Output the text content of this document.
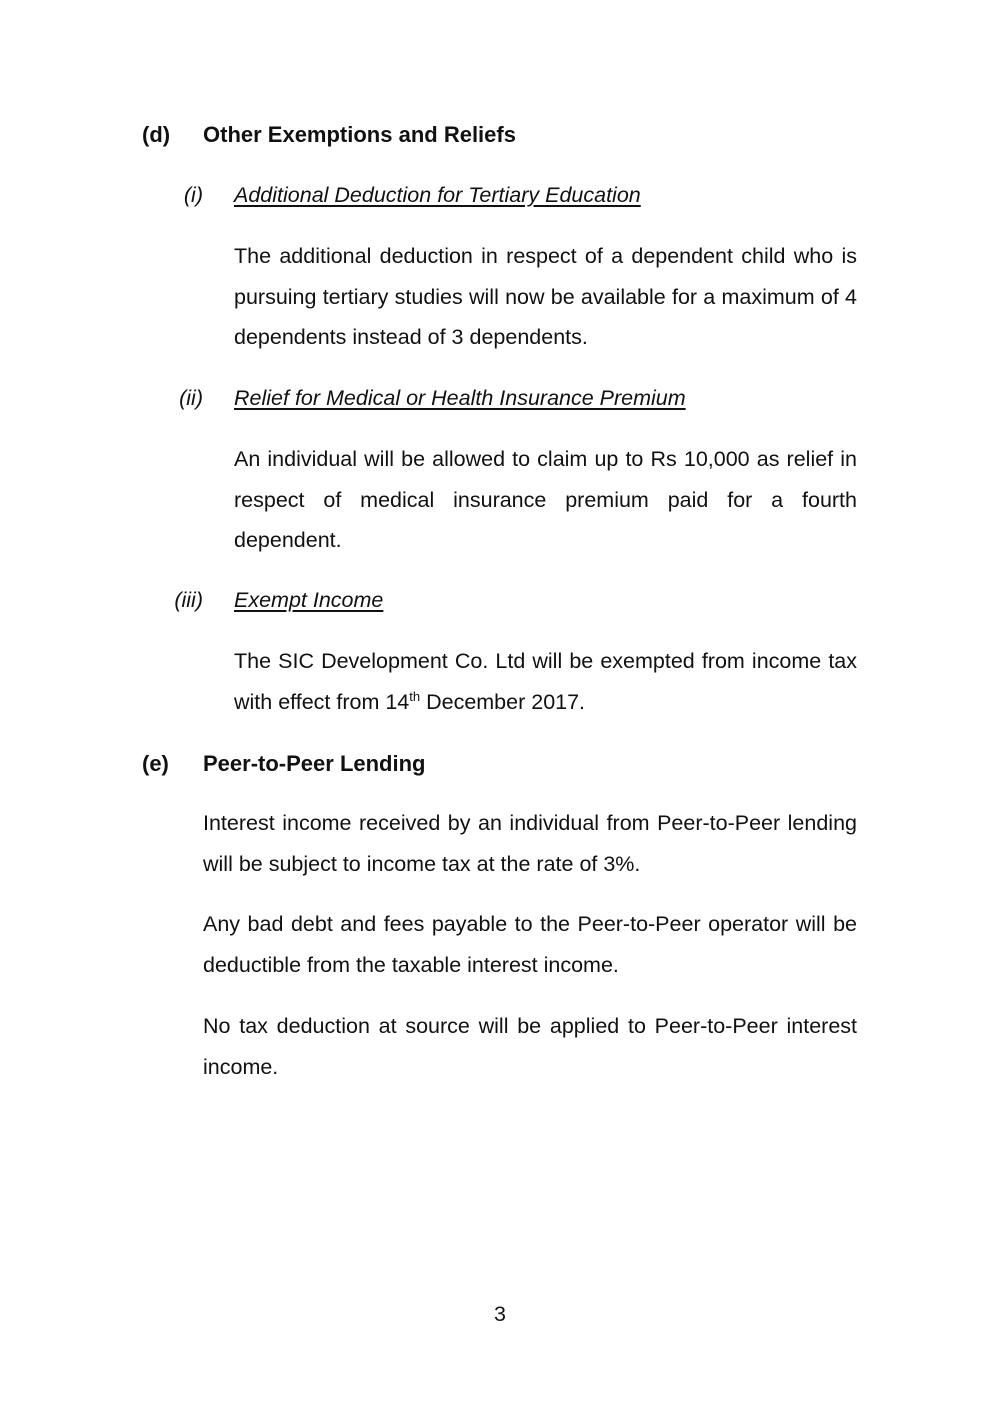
(d) Other Exemptions and Reliefs
(i) Additional Deduction for Tertiary Education
The additional deduction in respect of a dependent child who is pursuing tertiary studies will now be available for a maximum of 4 dependents instead of 3 dependents.
(ii) Relief for Medical or Health Insurance Premium
An individual will be allowed to claim up to Rs 10,000 as relief in respect of medical insurance premium paid for a fourth dependent.
(iii) Exempt Income
The SIC Development Co. Ltd will be exempted from income tax with effect from 14th December 2017.
(e) Peer-to-Peer Lending
Interest income received by an individual from Peer-to-Peer lending will be subject to income tax at the rate of 3%.
Any bad debt and fees payable to the Peer-to-Peer operator will be deductible from the taxable interest income.
No tax deduction at source will be applied to Peer-to-Peer interest income.
3
